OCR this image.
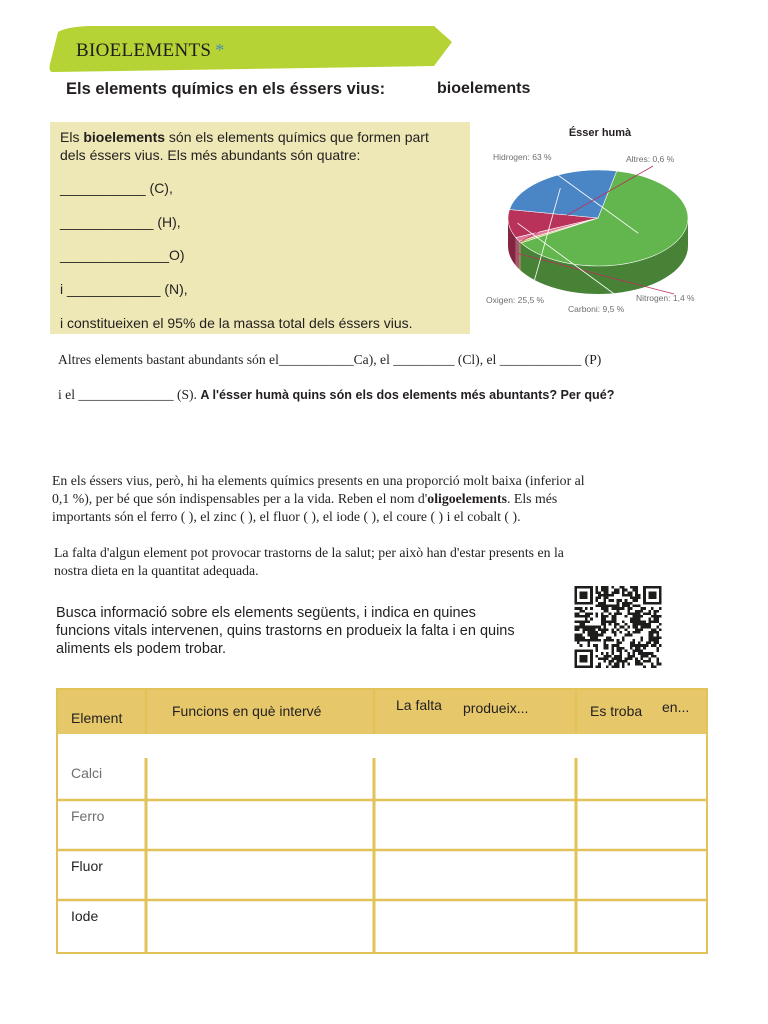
BIOELEMENTS *
Els elements químics en els éssers vius:	bioelements
Els bioelements són els elements químics que formen part
dels éssers vius. Els més abundants són quatre:
___________ (C),
____________ (H),
______________O)
i ____________ (N),
i constitueixen el 95% de la massa total dels éssers vius.
Ésser humà
Hidrogen: 63 %	Altres: 0,6 %
Nitrogen: 1,4 %
Carboni: 9,5 %
Oxigen: 25,5 %
Altres elements bastant abundants són el___________Ca), el _________ (Cl), el ____________ (P)
i el ______________ (S). A l'ésser humà quins són els dos elements més abuntants? Per qué?
En els éssers vius, però, hi ha elements químics presents en una proporció molt baixa (inferior al
0,1 %), per bé que són indispensables per a la vida. Reben el nom d'oligoelements. Els més
importants són el ferro ( ), el zinc ( ), el fluor ( ), el iode ( ), el coure ( ) i el cobalt ( ).
La falta d'algun element pot provocar trastorns de la salut; per això han d'estar presents en la
nostra dieta en la quantitat adequada.
Busca informació sobre els elements següents, i indica en quines funcions vitals intervenen, quins trastorns en produeix la falta i en quins aliments els podem trobar.
Element	Funcions en què intervé	La falta produeix...	Es troba en...
Calci
Ferro
Fluor
Iode
